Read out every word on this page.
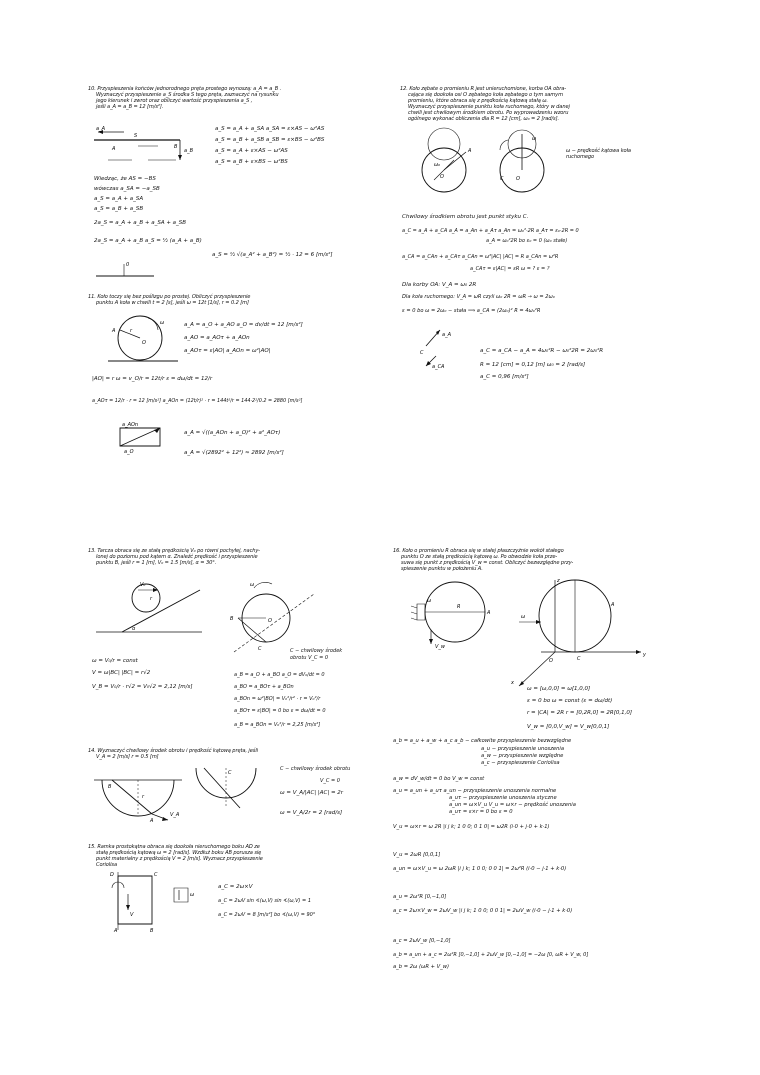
10. Przyspieszenia końców jednorodnego pręta prostego wynoszą: a_A = a_B .
Wyznaczyć przyspieszenie a_S środka S tego pręta, zaznaczyć na rysunku
jego kierunek i zwrot oraz obliczyć wartość przyspieszenia a_S ,
jeśli a_A = a_B = 12 [m/s²].
a_A
S
a_B
A	B
a_S = a_A + a_SA a_SA = ε×AS − ω²AS
a_S = a_B + a_SB a_SB = ε×BS − ω²BS
a_S = a_A + ε×AS − ω²AS
a_S = a_B + ε×BS − ω²BS
Wiedząc, że AS = −BS
wówczas a_SA = −a_SB
a_S = a_A + a_SA
a_S = a_B + a_SB
2a_S = a_A + a_B + a_SA + a_SB
2a_S = a_A + a_B a_S = ½ (a_A + a_B)
a_S = ½ √(a_A² + a_B²) = ½ · 12 = 6 [m/s²]
0
11. Koło toczy się bez poślizgu po prostej. Obliczyć przyspieszenie
punktu A koła w chwili t = 2 [s], jeśli ω = 12t [1/s], r = 0.2 [m]
A	r
O
ω	a_A = a_O + a_AO a_O = dv/dt = 12 [m/s²]
a_AO = a_AOτ + a_AOn
a_AOτ = ε|AO| a_AOn = ω²|AO|
|AO| = r ω = v_O/r = 12t/r ε = dω/dt = 12/r
a_AOτ = 12/r · r = 12 [m/s²] a_AOn = (12t/r)² · r = 144t²/r = 144·2²/0.2 = 2880 [m/s²]
a_AOn
a_O
a_A = √((a_AOn + a_O)² + a²_AOτ)
a_A = √(2892² + 12²) ≈ 2892 [m/s²]
12. Koło zębate o promieniu R jest unieruchomione, korba OA obra-
cająca się dookoła osi O zębatego koła zębatego o tym samym
promieniu, które obraca się z prędkością kątową stałą ω.
Wyznaczyć przyspieszenie punktu koła ruchomego, który w danej
chwili jest chwilowym środkiem obrotu. Po wyprowadzeniu wzoru
ogólnego wykonać obliczenia dla R = 12 [cm], ω₀ = 2 [rad/s].
O
A
ω₀
O
C
ω
ω − prędkość kątowa koła ruchomego
Chwilowy środkiem obrotu jest punkt styku C.
a_C = a_A + a_CA a_A = a_An + a_Aτ a_An = ω₀²·2R a_Aτ = ε₀·2R = 0
a_A = ω₀²2R bo ε₀ = 0 (ω₀ stałe)
a_CA = a_CAn + a_CAτ a_CAn = ω²|AC| |AC| = R a_CAn = ω²R
a_CAτ = ε|AC| = εR ω = ? ε = ?
Dla korby OA: V_A = ω₀ 2R
Dla koła ruchomego: V_A = ωR czyli ω₀ 2R = ωR → ω = 2ω₀
ε = 0 bo ω = 2ω₀ − stała ⟹ a_CA = (2ω₀)² R = 4ω₀²R
a_A
a_CA
C	a_C = a_CA − a_A = 4ω₀²R − ω₀²2R = 2ω₀²R
R = 12 [cm] = 0,12 [m] ω₀ = 2 [rad/s]
a_C = 0,96 [m/s²]
13. Tarcza obraca się ze stałą prędkością V₀ po równi pochyłej, nachy-
lonej do poziomu pod kątem α. Znaleźć prędkość i przyspieszenie
punktu B, jeśli r = 1 [m], V₀ = 1.5 [m/s], α = 30°.
V₀
r
α
ω
B	O
C	C − chwilowy środek obrotu V_C = 0
ω = V₀/r = const
V = ω|BC| |BC| = r√2
V_B = V₀/r · r√2 = V₀√2 = 2,12 [m/s]
a_B = a_O + a_BO a_O = dV₀/dt = 0
a_BO = a_BOτ + a_BOn
a_BOn = ω²|BO| = V₀²/r² · r = V₀²/r
a_BOτ = ε|BO| = 0 bo ε = dω/dt = 0
a_B = a_BOn = V₀²/r = 2,25 [m/s²]
14. Wyznaczyć chwilowy środek obrotu i prędkość kątową pręta, jeśli
V_A = 2 [m/s] r = 0.5 [m]
C
B
r
A
V_A
C − chwilowy środek obrotu
V_C = 0
ω = V_A/|AC| |AC| = 2r
ω = V_A/2r = 2 [rad/s]
15. Ramka prostokątna obraca się dookoła nieruchomego boku AD ze
stałą prędkością kątową ω = 2 [rad/s]. Wzdłuż boku AB porusza się
punkt materialny z prędkością V = 2 [m/s]. Wyznacz przyspieszenie
Coriolisa
A	B
C
D
V
ω
a_C = 2ω×V
a_C = 2ωV sin ∢(ω,V) sin ∢(ω,V) = 1
a_C = 2ωV = 8 [m/s²] bo ∢(ω,V) = 90°
16. Koło o promieniu R obraca się w stałej płaszczyźnie wokół stałego
punktu O ze stałą prędkością kątową ω. Po obwodzie koła prze-
suwa się punkt z prędkością V_w = const. Obliczyć bezwzględne przy-
spieszenie punktu w położeniu A.
ω
R
A
V_w
O	C
A
x
y
z
ω
ω = [ω,0,0] = ω[1,0,0]
ε = 0 bo ω = const (ε = dω/dt)
r = |CA| = 2R r = [0,2R,0] = 2R[0,1,0]
V_w = [0,0,V_w] = V_w[0,0,1]
a_b = a_u + a_w + a_c a_b − całkowite przyspieszenie bezwzględne
a_u − przyspieszenie unoszenia
a_w − przyspieszenie względne
a_c − przyspieszenie Coriolisa
a_w = dV_w/dt = 0 bo V_w = const
a_u = a_un + a_uτ a_un − przyspieszenie unoszenia normalne
a_uτ − przyspieszenie unoszenia styczne
a_un = ω×V_u V_u = ω×r − prędkość unoszenia
a_uτ = ε×r = 0 bo ε = 0
V_u = ω×r = ω 2R |i j k; 1 0 0; 0 1 0| = ω2R (i·0 + j·0 + k·1)
V_u = 2ωR [0,0,1]
a_un = ω×V_u = ω 2ωR |i j k; 1 0 0; 0 0 1| = 2ω²R (i·0 − j·1 + k·0)
a_u = 2ω²R [0,−1,0]
a_c = 2ω×V_w = 2ωV_w |i j k; 1 0 0; 0 0 1| = 2ωV_w (i·0 − j·1 + k·0)
a_c = 2ωV_w [0,−1,0]
a_b = a_un + a_c = 2ω²R [0,−1,0] + 2ωV_w [0,−1,0] = −2ω [0, ωR + V_w, 0]
a_b = 2ω (ωR + V_w)
